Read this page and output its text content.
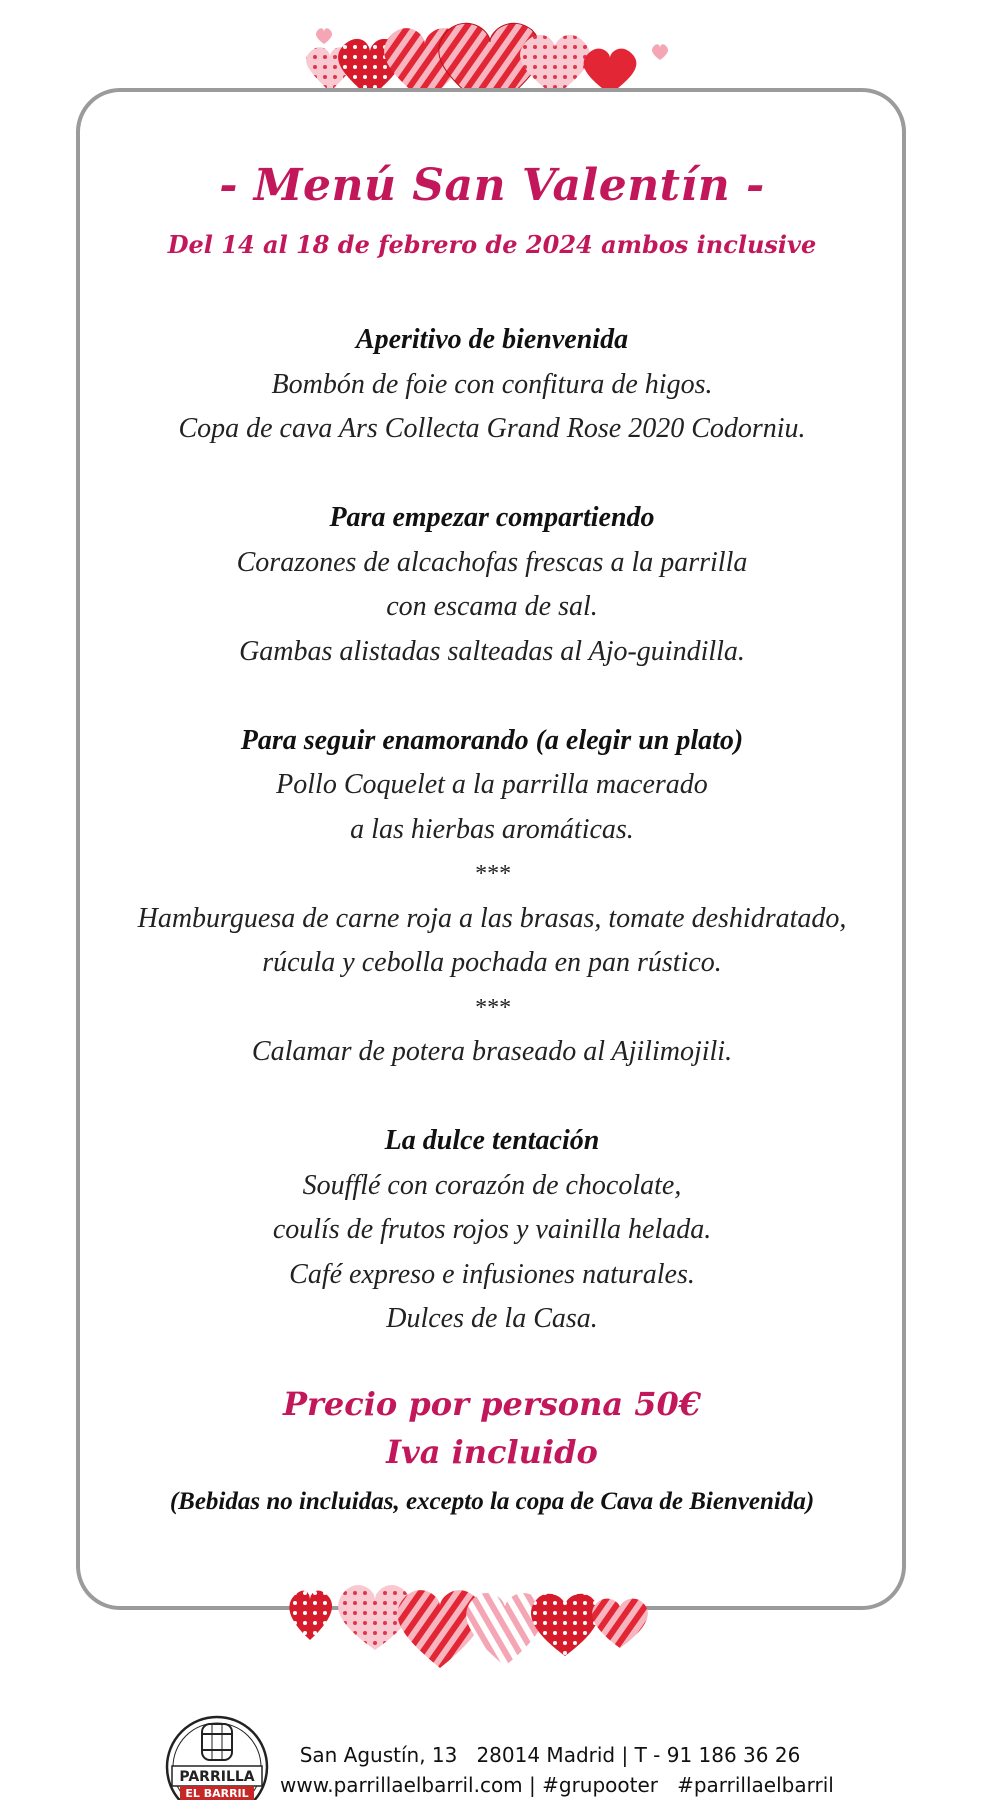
- Menú San Valentín -
Del 14 al 18 de febrero de 2024 ambos inclusive
Aperitivo de bienvenida
Bombón de foie con confitura de higos.
Copa de cava Ars Collecta Grand Rose 2020 Codorniu.
Para empezar compartiendo
Corazones de alcachofas frescas a la parrilla
con escama de sal.
Gambas alistadas salteadas al Ajo-guindilla.
Para seguir enamorando (a elegir un plato)
Pollo Coquelet a la parrilla macerado
a las hierbas aromáticas.
***
Hamburguesa de carne roja a las brasas, tomate deshidratado,
rúcula y cebolla pochada en pan rústico.
***
Calamar de potera braseado al Ajilimojili.
La dulce tentación
Soufflé con corazón de chocolate,
coulís de frutos rojos y vainilla helada.
Café expreso e infusiones naturales.
Dulces de la Casa.
Precio por persona 50€
Iva incluido
(Bebidas no incluidas, excepto la copa de Cava de Bienvenida)
PARRILLA
EL BARRIL
San Agustín, 13   28014 Madrid | T - 91 186 36 26
www.parrillaelbarril.com | #grupooter   #parrillaelbarril
